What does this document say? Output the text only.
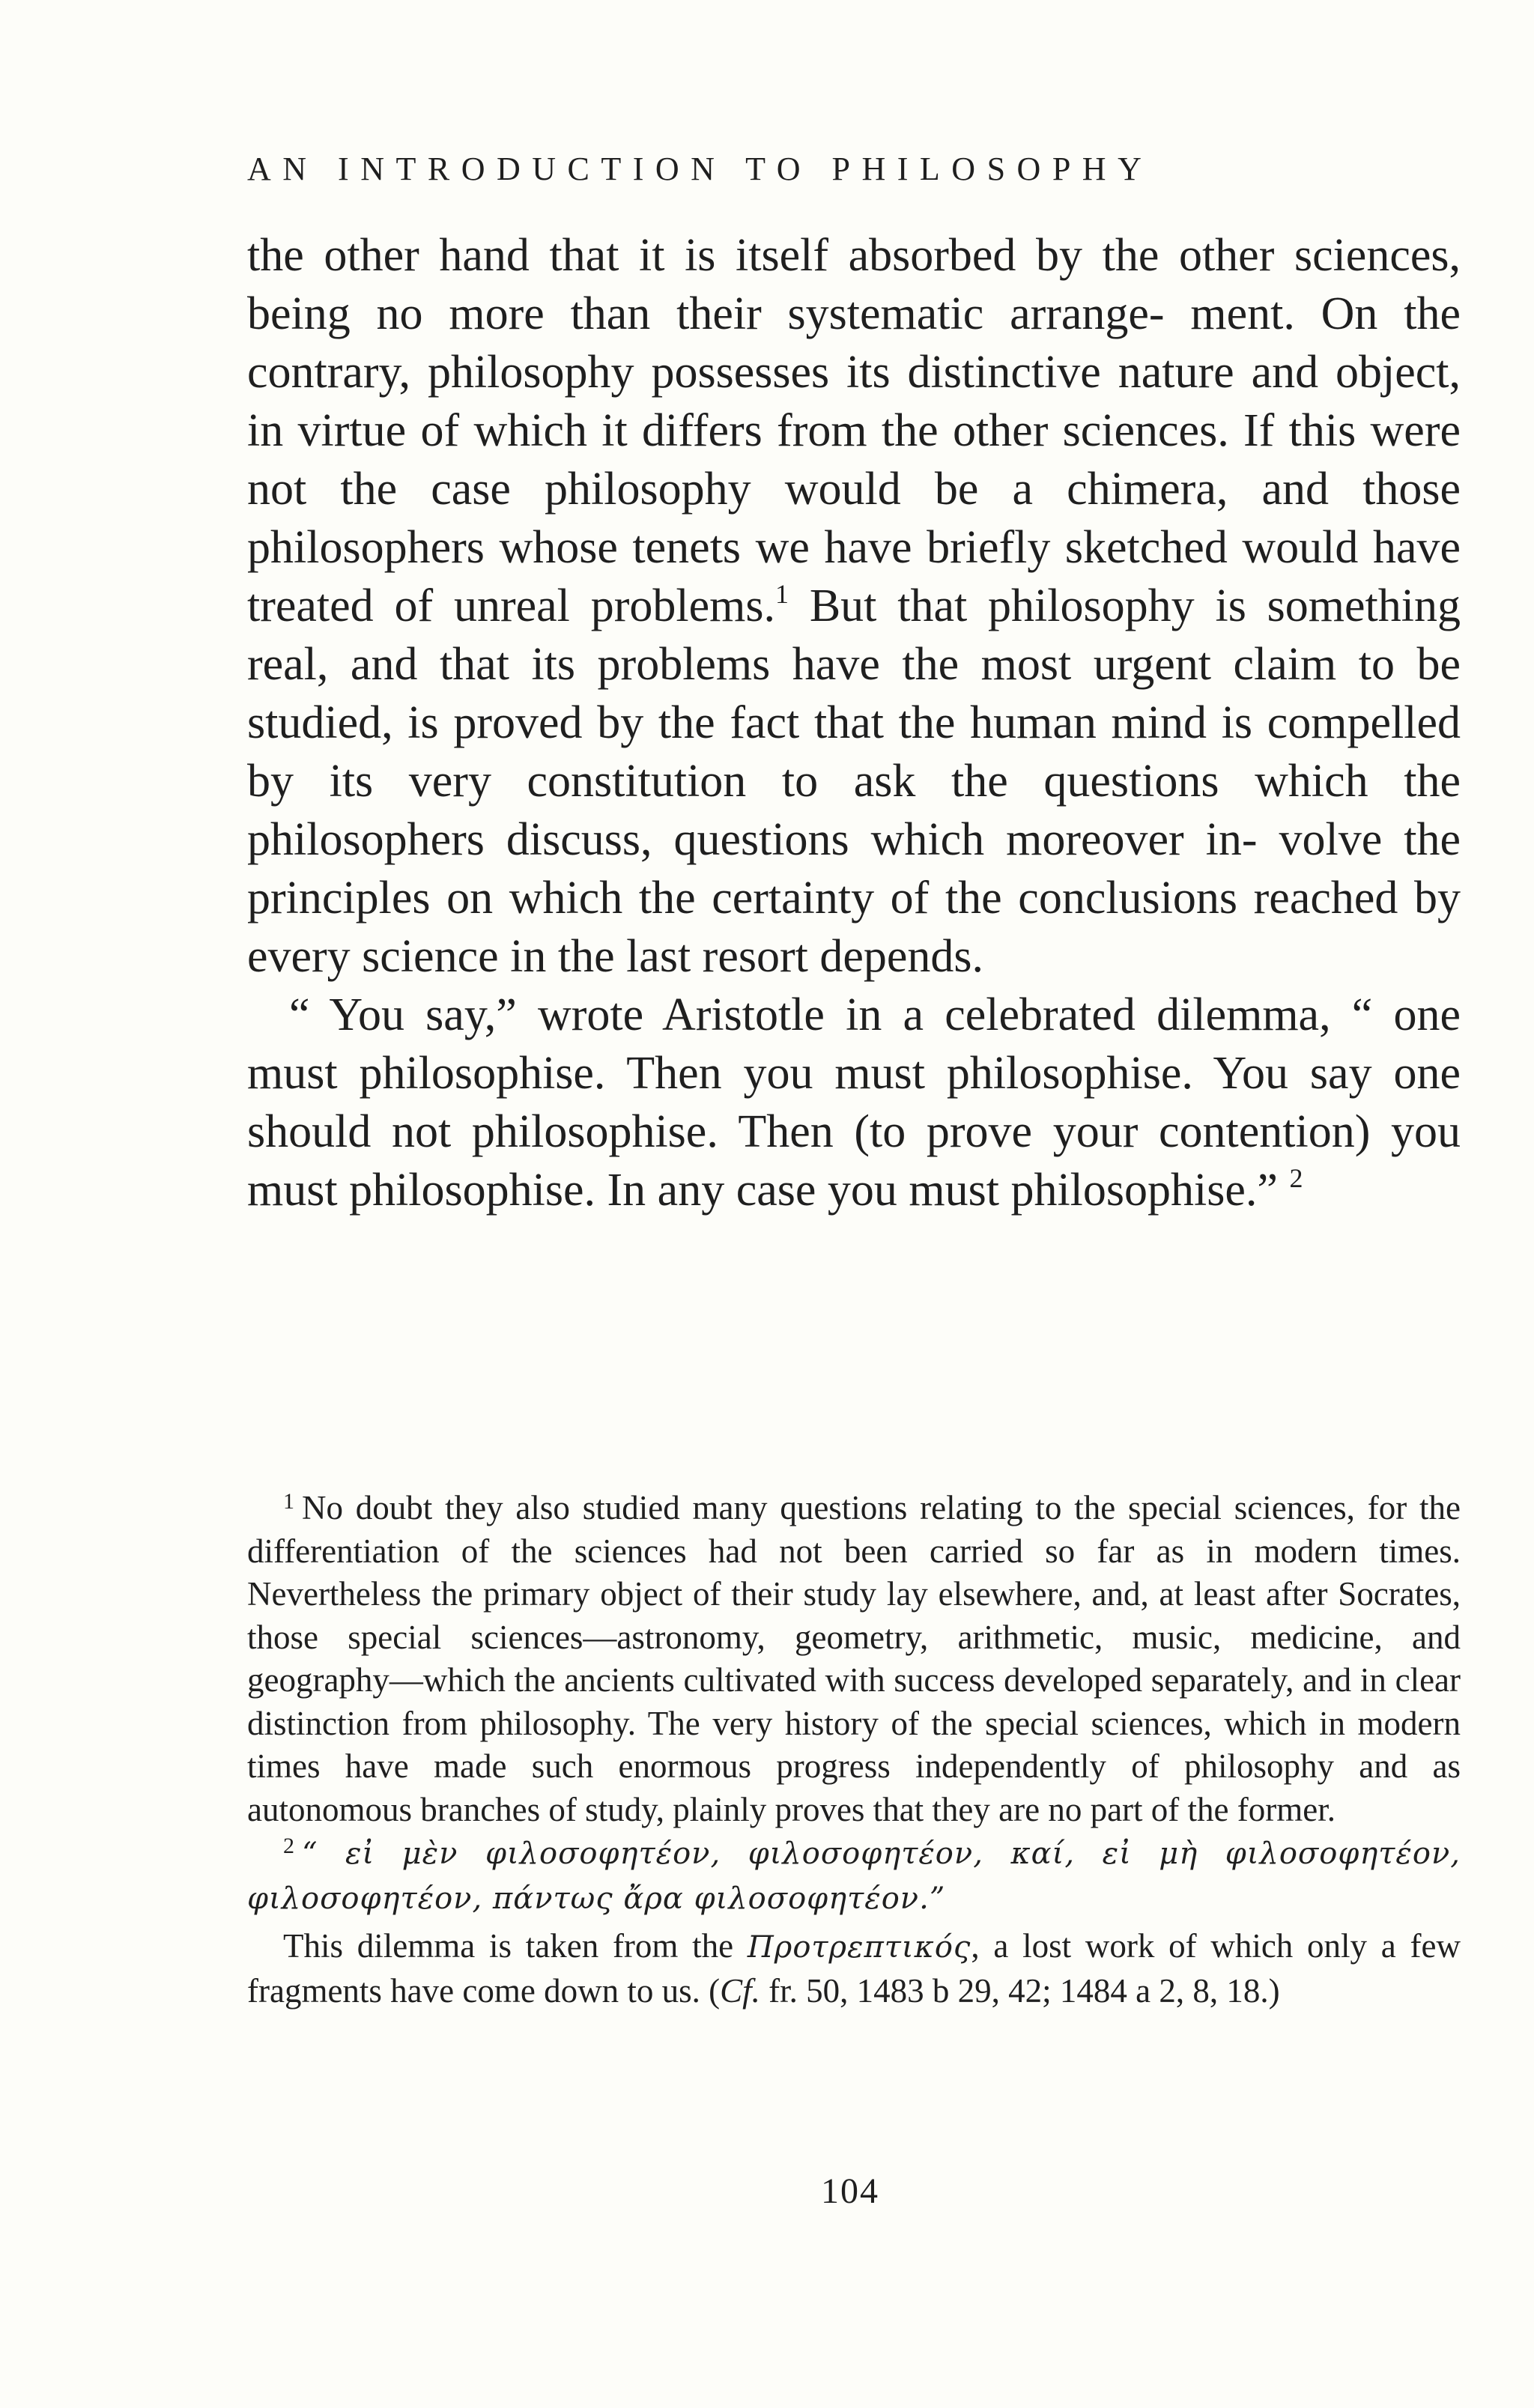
AN INTRODUCTION TO PHILOSOPHY

the other hand that it is itself absorbed by the other sciences, being no more than their systematic arrange- ment. On the contrary, philosophy possesses its distinctive nature and object, in virtue of which it differs from the other sciences. If this were not the case philosophy would be a chimera, and those philosophers whose tenets we have briefly sketched would have treated of unreal problems.$^1$ But that philosophy is something real, and that its problems have the most urgent claim to be studied, is proved by the fact that the human mind is compelled by its very constitution to ask the questions which the philosophers discuss, questions which moreover in- volve the principles on which the certainty of the conclusions reached by every science in the last resort depends.

“ You say,” wrote Aristotle in a celebrated dilemma, “ one must philosophise. Then you must philosophise. You say one should not philosophise. Then (to prove your contention) you must philosophise. In any case you must philosophise.” $^2$

$^1$ No doubt they also studied many questions relating to the special sciences, for the differentiation of the sciences had not been carried so far as in modern times. Nevertheless the primary object of their study lay elsewhere, and, at least after Socrates, those special sciences—astronomy, geometry, arithmetic, music, medicine, and geography—which the ancients cultivated with success developed separately, and in clear distinction from philosophy. The very history of the special sciences, which in modern times have made such enormous progress independently of philosophy and as autonomous branches of study, plainly proves that they are no part of the former.

$^2$ “ εἰ μὲν φιλοσοφητέον, φιλοσοφητέον, καί, εἰ μὴ φιλοσοφητέον, φιλοσοφητέον, πάντως ἄρα φιλοσοφητέον.”

This dilemma is taken from the Προτρεπτικός, a lost work of which only a few fragments have come down to us. (Cf. fr. 50, 1483 b 29, 42; 1484 a 2, 8, 18.)

104
